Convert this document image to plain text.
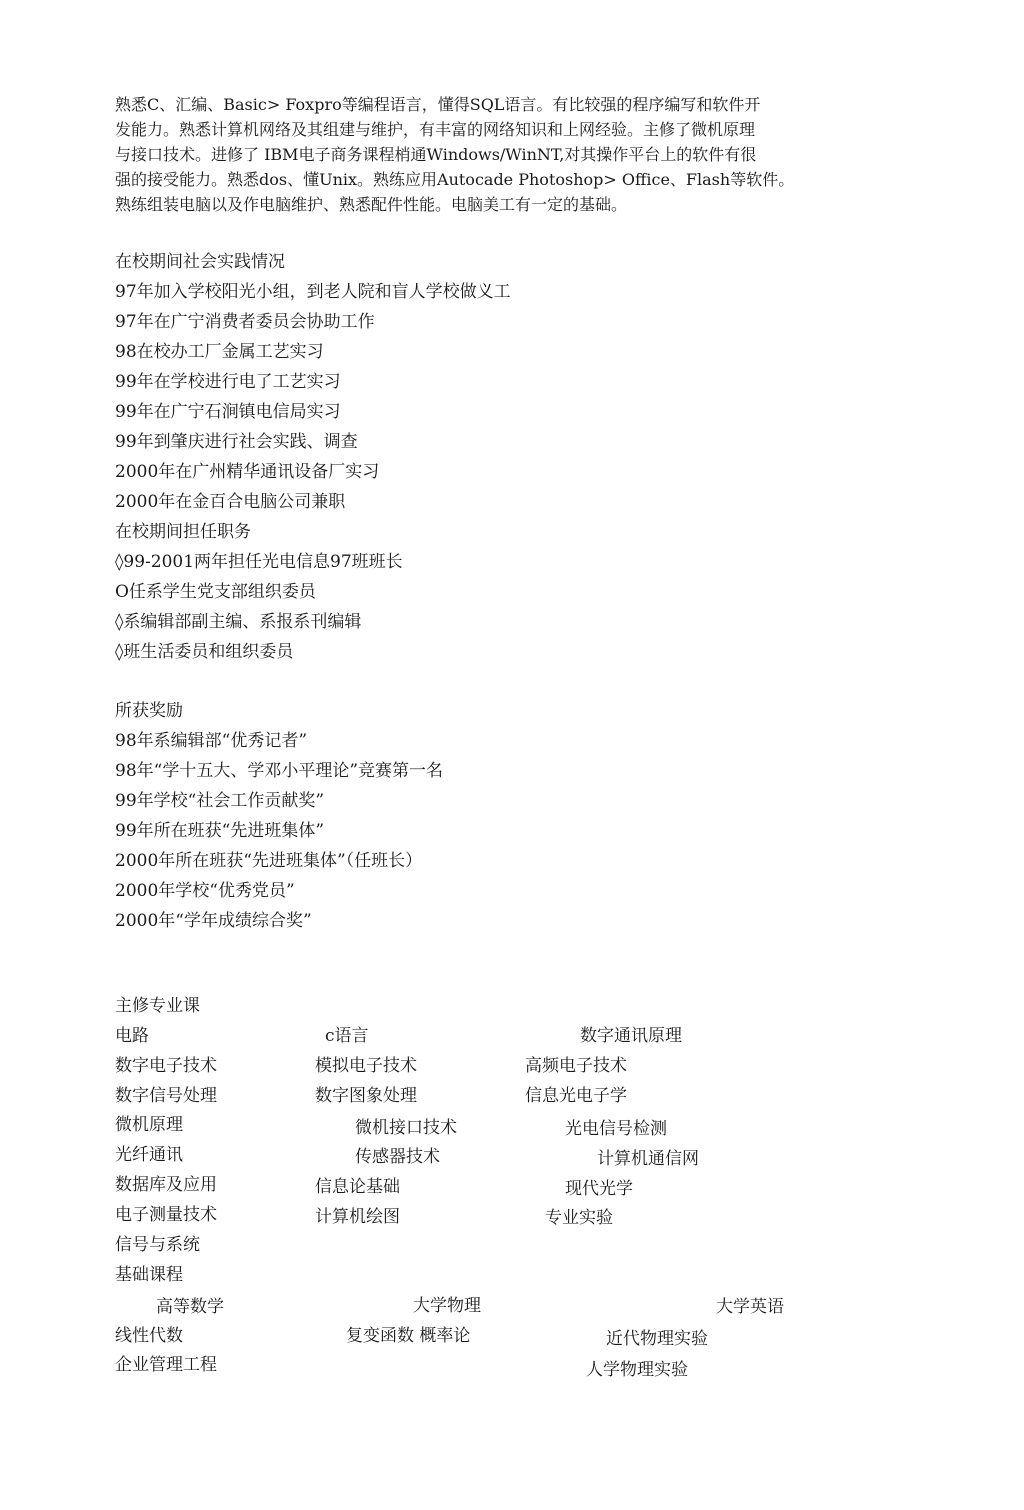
熟悉C、汇编、Basic> Foxpro等编程语言，懂得SQL语言。有比较强的程序编写和软件开
发能力。熟悉计算机网络及其组建与维护，有丰富的网络知识和上网经验。主修了微机原理
与接口技术。进修了 IBM电子商务课程梢通Windows/WinNT,对其操作平台上的软件有很
强的接受能力。熟悉dos、懂Unix。熟练应用Autocade Photoshop> Office、Flash等软件。
熟练组装电脑以及作电脑维护、熟悉配件性能。电脑美工有一定的基础。
在校期间社会实践情况
97年加入学校阳光小组，到老人院和盲人学校做义工
97年在广宁消费者委员会协助工作
98在校办工厂金属工艺实习
99年在学校进行电了工艺实习
99年在广宁石涧镇电信局实习
99年到肇庆进行社会实践、调查
2000年在广州精华通讯设备厂实习
2000年在金百合电脑公司兼职
在校期间担任职务
◊99-2001两年担任光电信息97班班长
O任系学生党支部组织委员
◊系编辑部副主编、系报系刊编辑
◊班生活委员和组织委员
所获奖励
98年系编辑部“优秀记者”
98年“学十五大、学邓小平理论”竞赛第一名
99年学校“社会工作贡献奖”
99年所在班获“先进班集体”
2000年所在班获“先进班集体”（任班长）
2000年学校“优秀党员”
2000年“学年成绩综合奖”
主修专业课
电路
数字电子技术
数字信号处理
微机原理
光纤通讯
数据库及应用
电子测量技术
信号与系统
c语言
模拟电子技术
数字图象处理
微机接口技术
传感器技术
信息论基础
计算机绘图
数字通讯原理
高频电子技术
信息光电子学
光电信号检测
计算机通信网
现代光学
专业实验
基础课程
高等数学
线性代数
企业管理工程
大学物理
复变函数 概率论
大学英语
近代物理实验
人学物理实验
